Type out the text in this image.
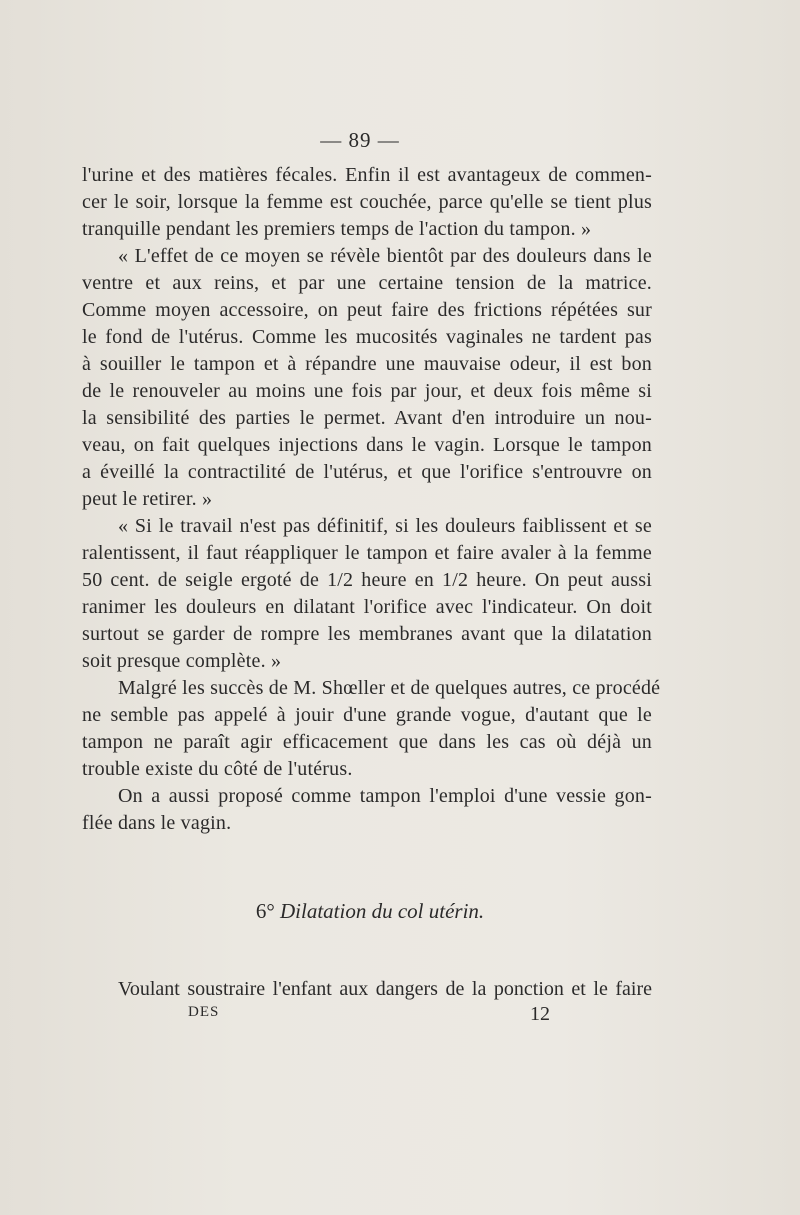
— 89 —
l'urine et des matières fécales. Enfin il est avantageux de commen-
cer le soir, lorsque la femme est couchée, parce qu'elle se tient plus
tranquille pendant les premiers temps de l'action du tampon. »
« L'effet de ce moyen se révèle bientôt par des douleurs dans le
ventre et aux reins, et par une certaine tension de la matrice.
Comme moyen accessoire, on peut faire des frictions répétées sur
le fond de l'utérus. Comme les mucosités vaginales ne tardent pas
à souiller le tampon et à répandre une mauvaise odeur, il est bon
de le renouveler au moins une fois par jour, et deux fois même si
la sensibilité des parties le permet. Avant d'en introduire un nou-
veau, on fait quelques injections dans le vagin. Lorsque le tampon
a éveillé la contractilité de l'utérus, et que l'orifice s'entrouvre on
peut le retirer. »
« Si le travail n'est pas définitif, si les douleurs faiblissent et se
ralentissent, il faut réappliquer le tampon et faire avaler à la femme
50 cent. de seigle ergoté de 1/2 heure en 1/2 heure. On peut aussi
ranimer les douleurs en dilatant l'orifice avec l'indicateur. On doit
surtout se garder de rompre les membranes avant que la dilatation
soit presque complète. »
Malgré les succès de M. Shœller et de quelques autres, ce procédé
ne semble pas appelé à jouir d'une grande vogue, d'autant que le
tampon ne paraît agir efficacement que dans les cas où déjà un
trouble existe du côté de l'utérus.
On a aussi proposé comme tampon l'emploi d'une vessie gon-
flée dans le vagin.
6° Dilatation du col utérin.
Voulant soustraire l'enfant aux dangers de la ponction et le faire
DES	12
